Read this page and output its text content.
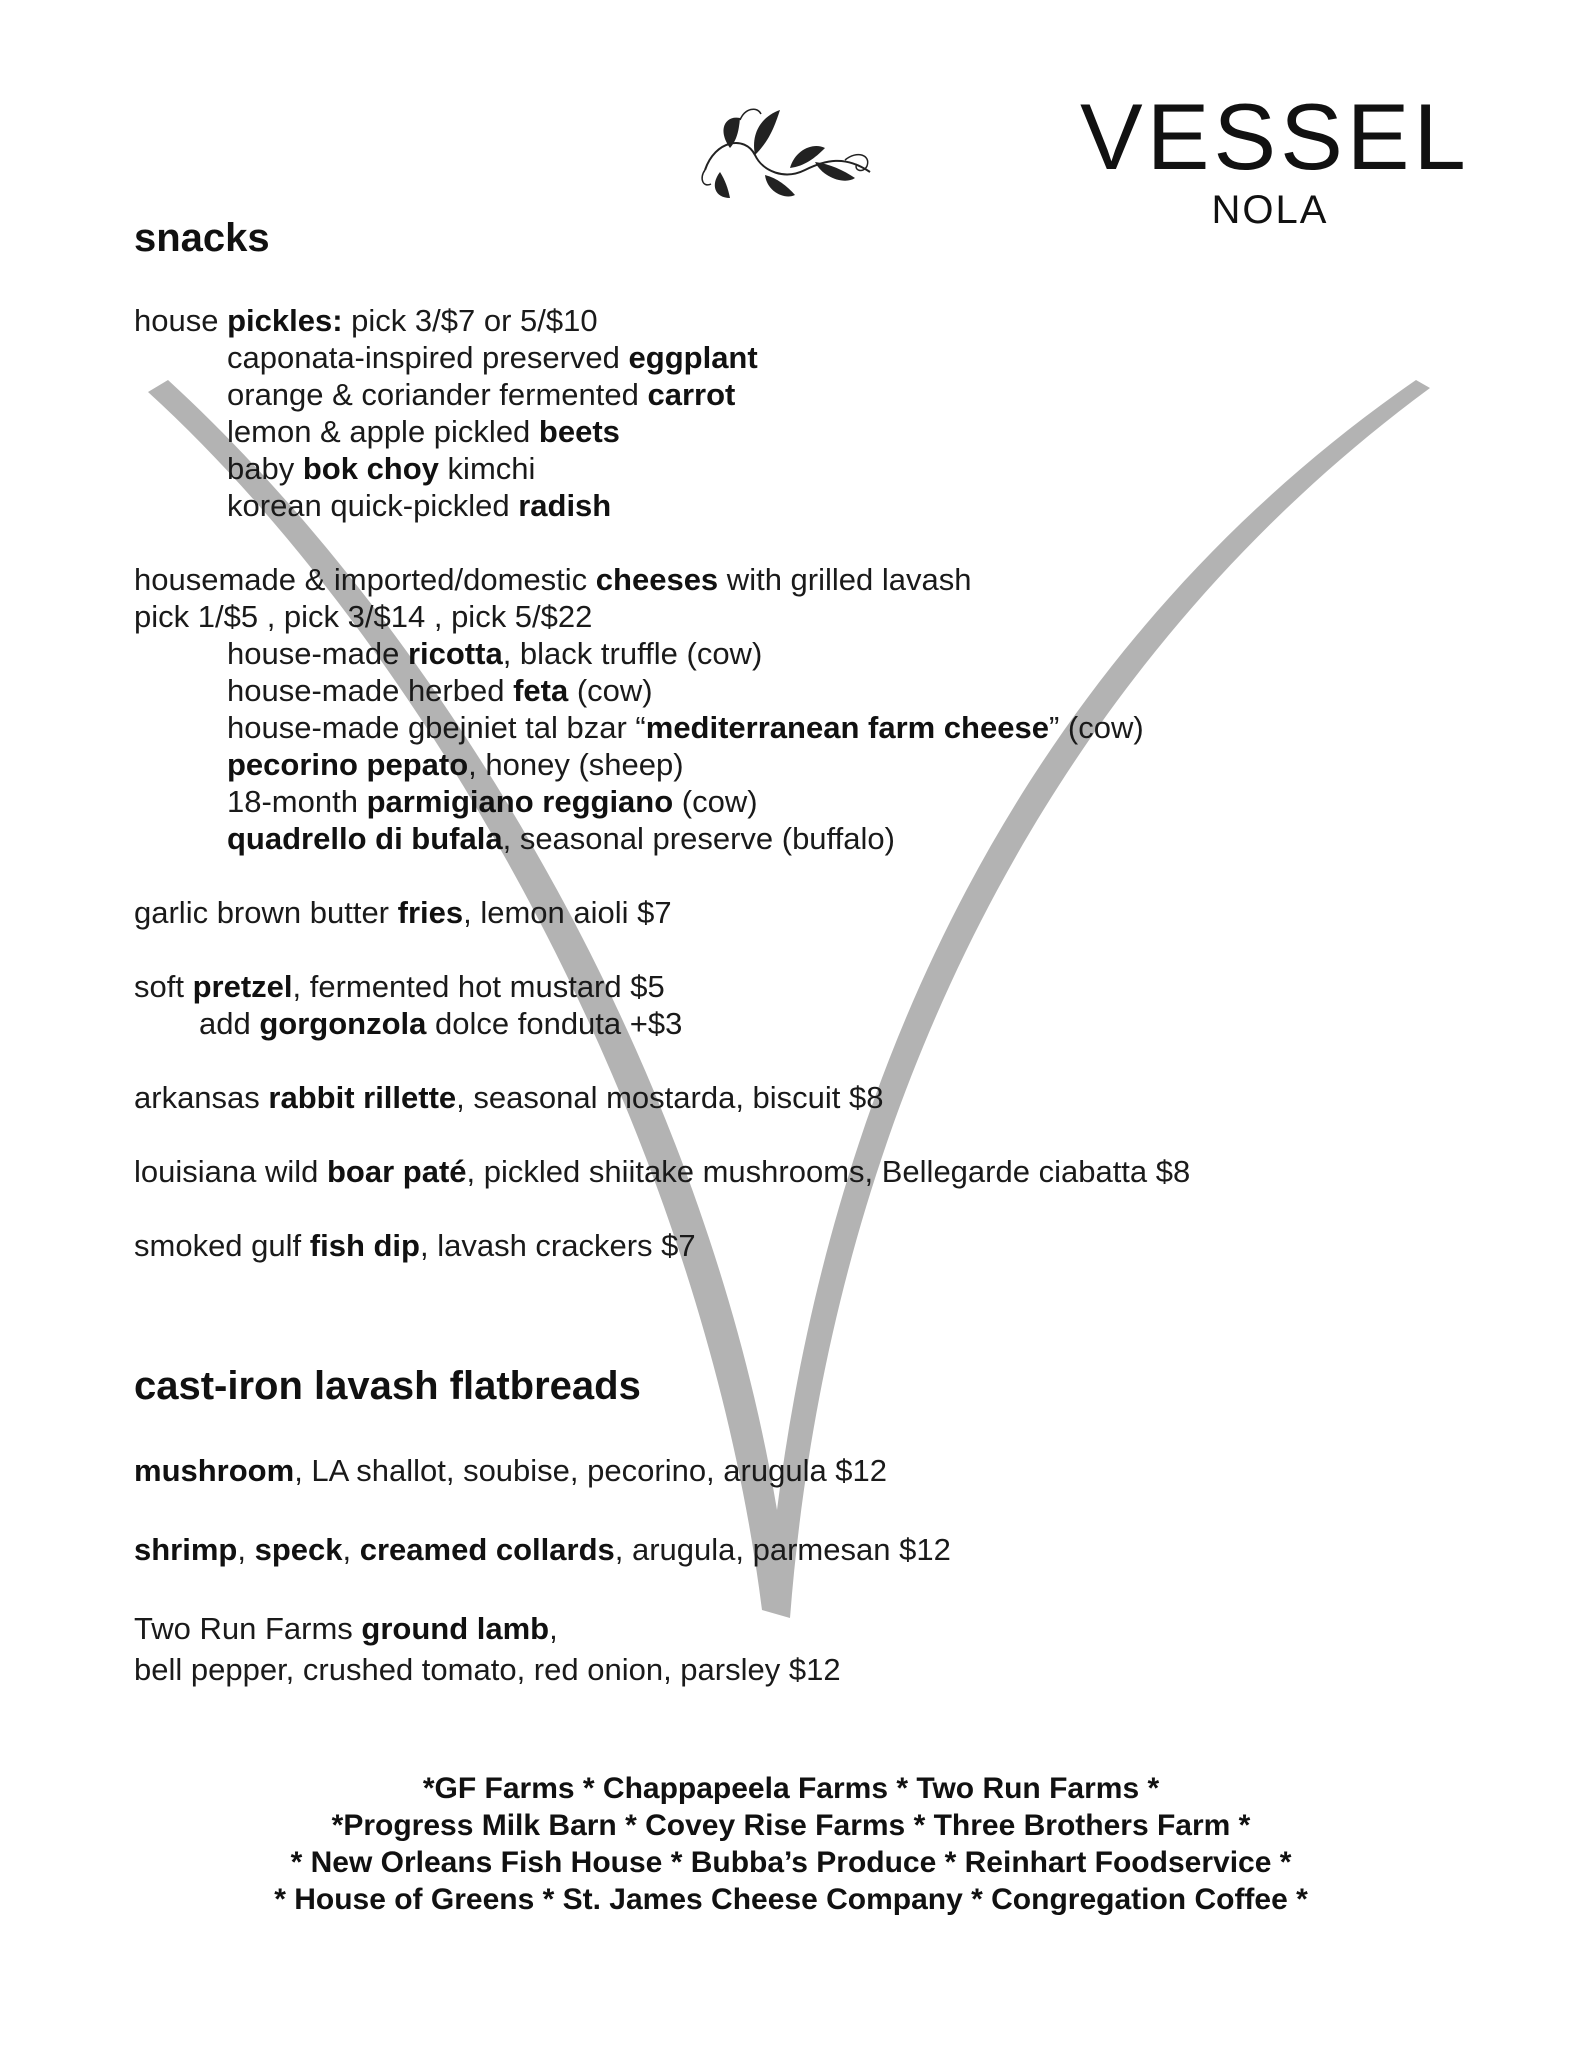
VESSEL
NOLA
snacks
house pickles: pick 3/$7 or 5/$10
caponata-inspired preserved eggplant
orange & coriander fermented carrot
lemon & apple pickled beets
baby bok choy kimchi
korean quick-pickled radish
housemade & imported/domestic cheeses with grilled lavash
pick 1/$5 , pick 3/$14 , pick 5/$22
house-made ricotta, black truffle (cow)
house-made herbed feta (cow)
house-made gbejniet tal bzar “mediterranean farm cheese” (cow)
pecorino pepato, honey (sheep)
18-month parmigiano reggiano (cow)
quadrello di bufala, seasonal preserve (buffalo)
garlic brown butter fries, lemon aioli $7
soft pretzel, fermented hot mustard $5
add gorgonzola dolce fonduta +$3
arkansas rabbit rillette, seasonal mostarda, biscuit $8
louisiana wild boar paté, pickled shiitake mushrooms, Bellegarde ciabatta $8
smoked gulf fish dip, lavash crackers $7
cast-iron lavash flatbreads
mushroom, LA shallot, soubise, pecorino, arugula $12
shrimp, speck, creamed collards, arugula, parmesan $12
Two Run Farms ground lamb,
bell pepper, crushed tomato, red onion, parsley $12
*GF Farms * Chappapeela Farms * Two Run Farms *
*Progress Milk Barn * Covey Rise Farms * Three Brothers Farm *
* New Orleans Fish House * Bubba’s Produce * Reinhart Foodservice *
* House of Greens * St. James Cheese Company * Congregation Coffee *
